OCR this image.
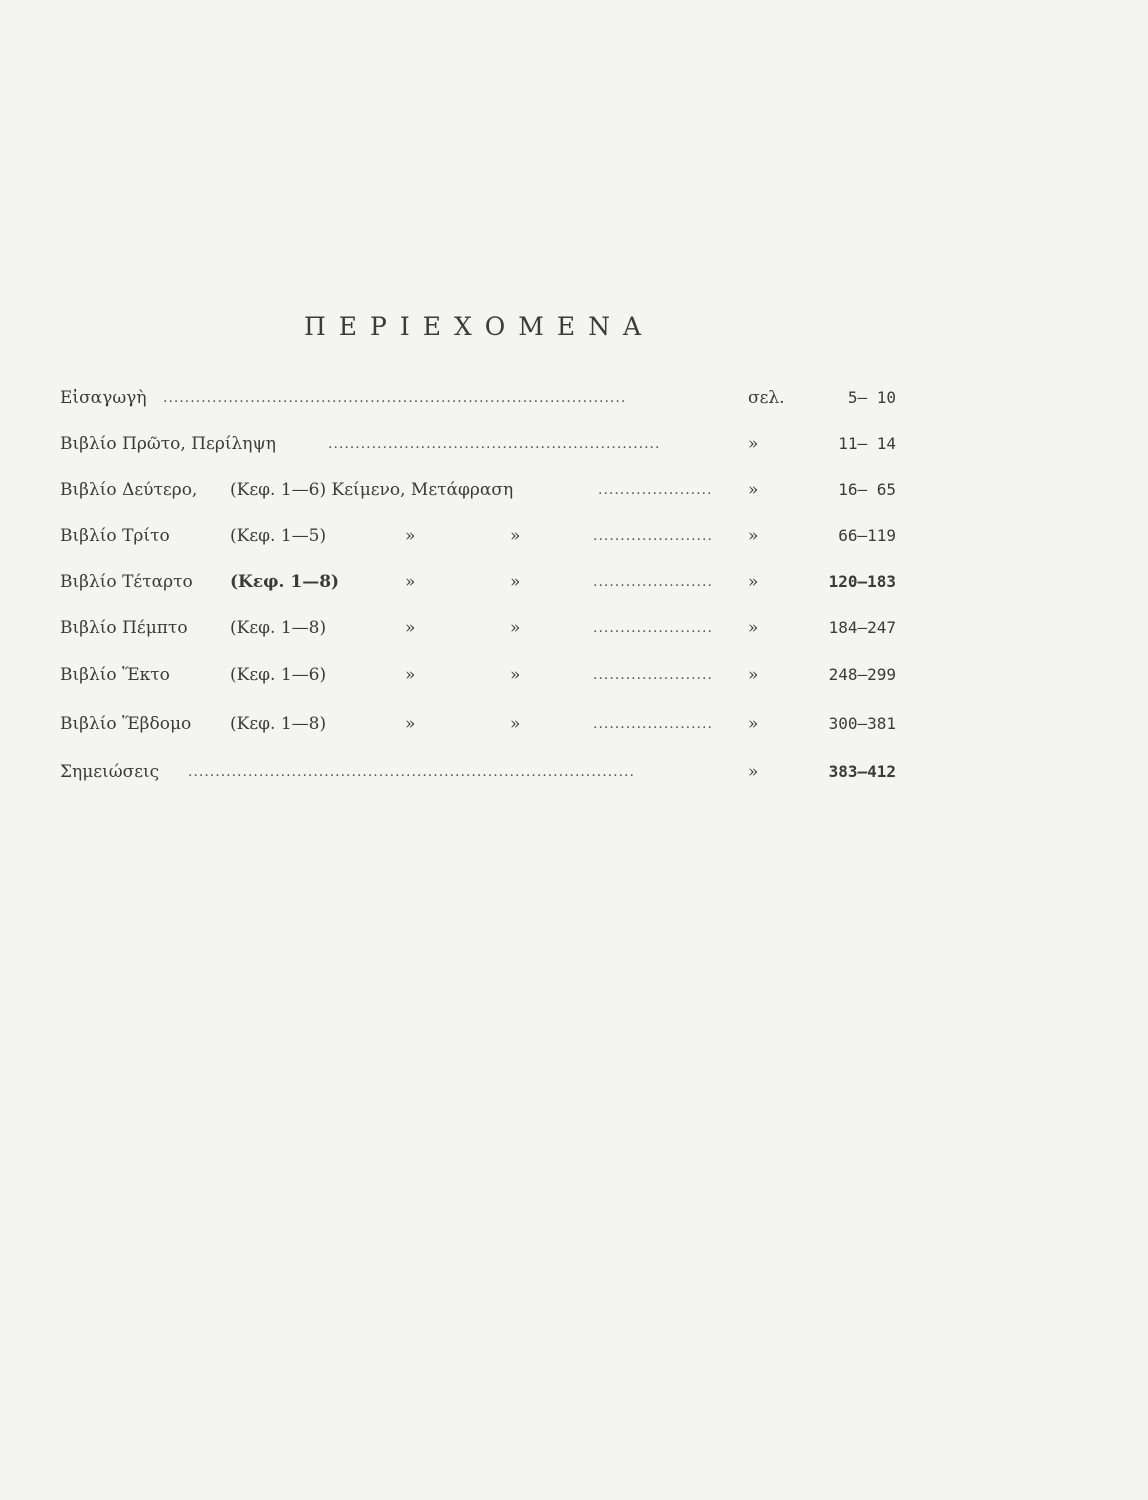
ΠΕΡΙΕΧΟΜΕΝΑ
Εἰσαγωγὴ .....................................................................................	σελ.	5— 10
Βιβλίο Πρῶτο, Περίληψη	.............................................................	»	11— 14
Βιβλίο Δεύτερο, (Κεφ. 1—6) Κείμενο, Μετάφραση	.....................	»	16— 65
Βιβλίο Τρίτο	(Κεφ. 1—5)	»	»	......................	»	66—119
Βιβλίο Τέταρτο (Κεφ. 1—8)	»	»	......................	»	120—183
Βιβλίο Πέμπτο (Κεφ. 1—8)	»	»	......................	»	184—247
Βιβλίο Ἕκτο	(Κεφ. 1—6)	»	»	......................	»	248—299
Βιβλίο Ἕβδομο (Κεφ. 1—8)	»	»	......................	»	300—381
Σημειώσεις ..................................................................................	»	383—412
